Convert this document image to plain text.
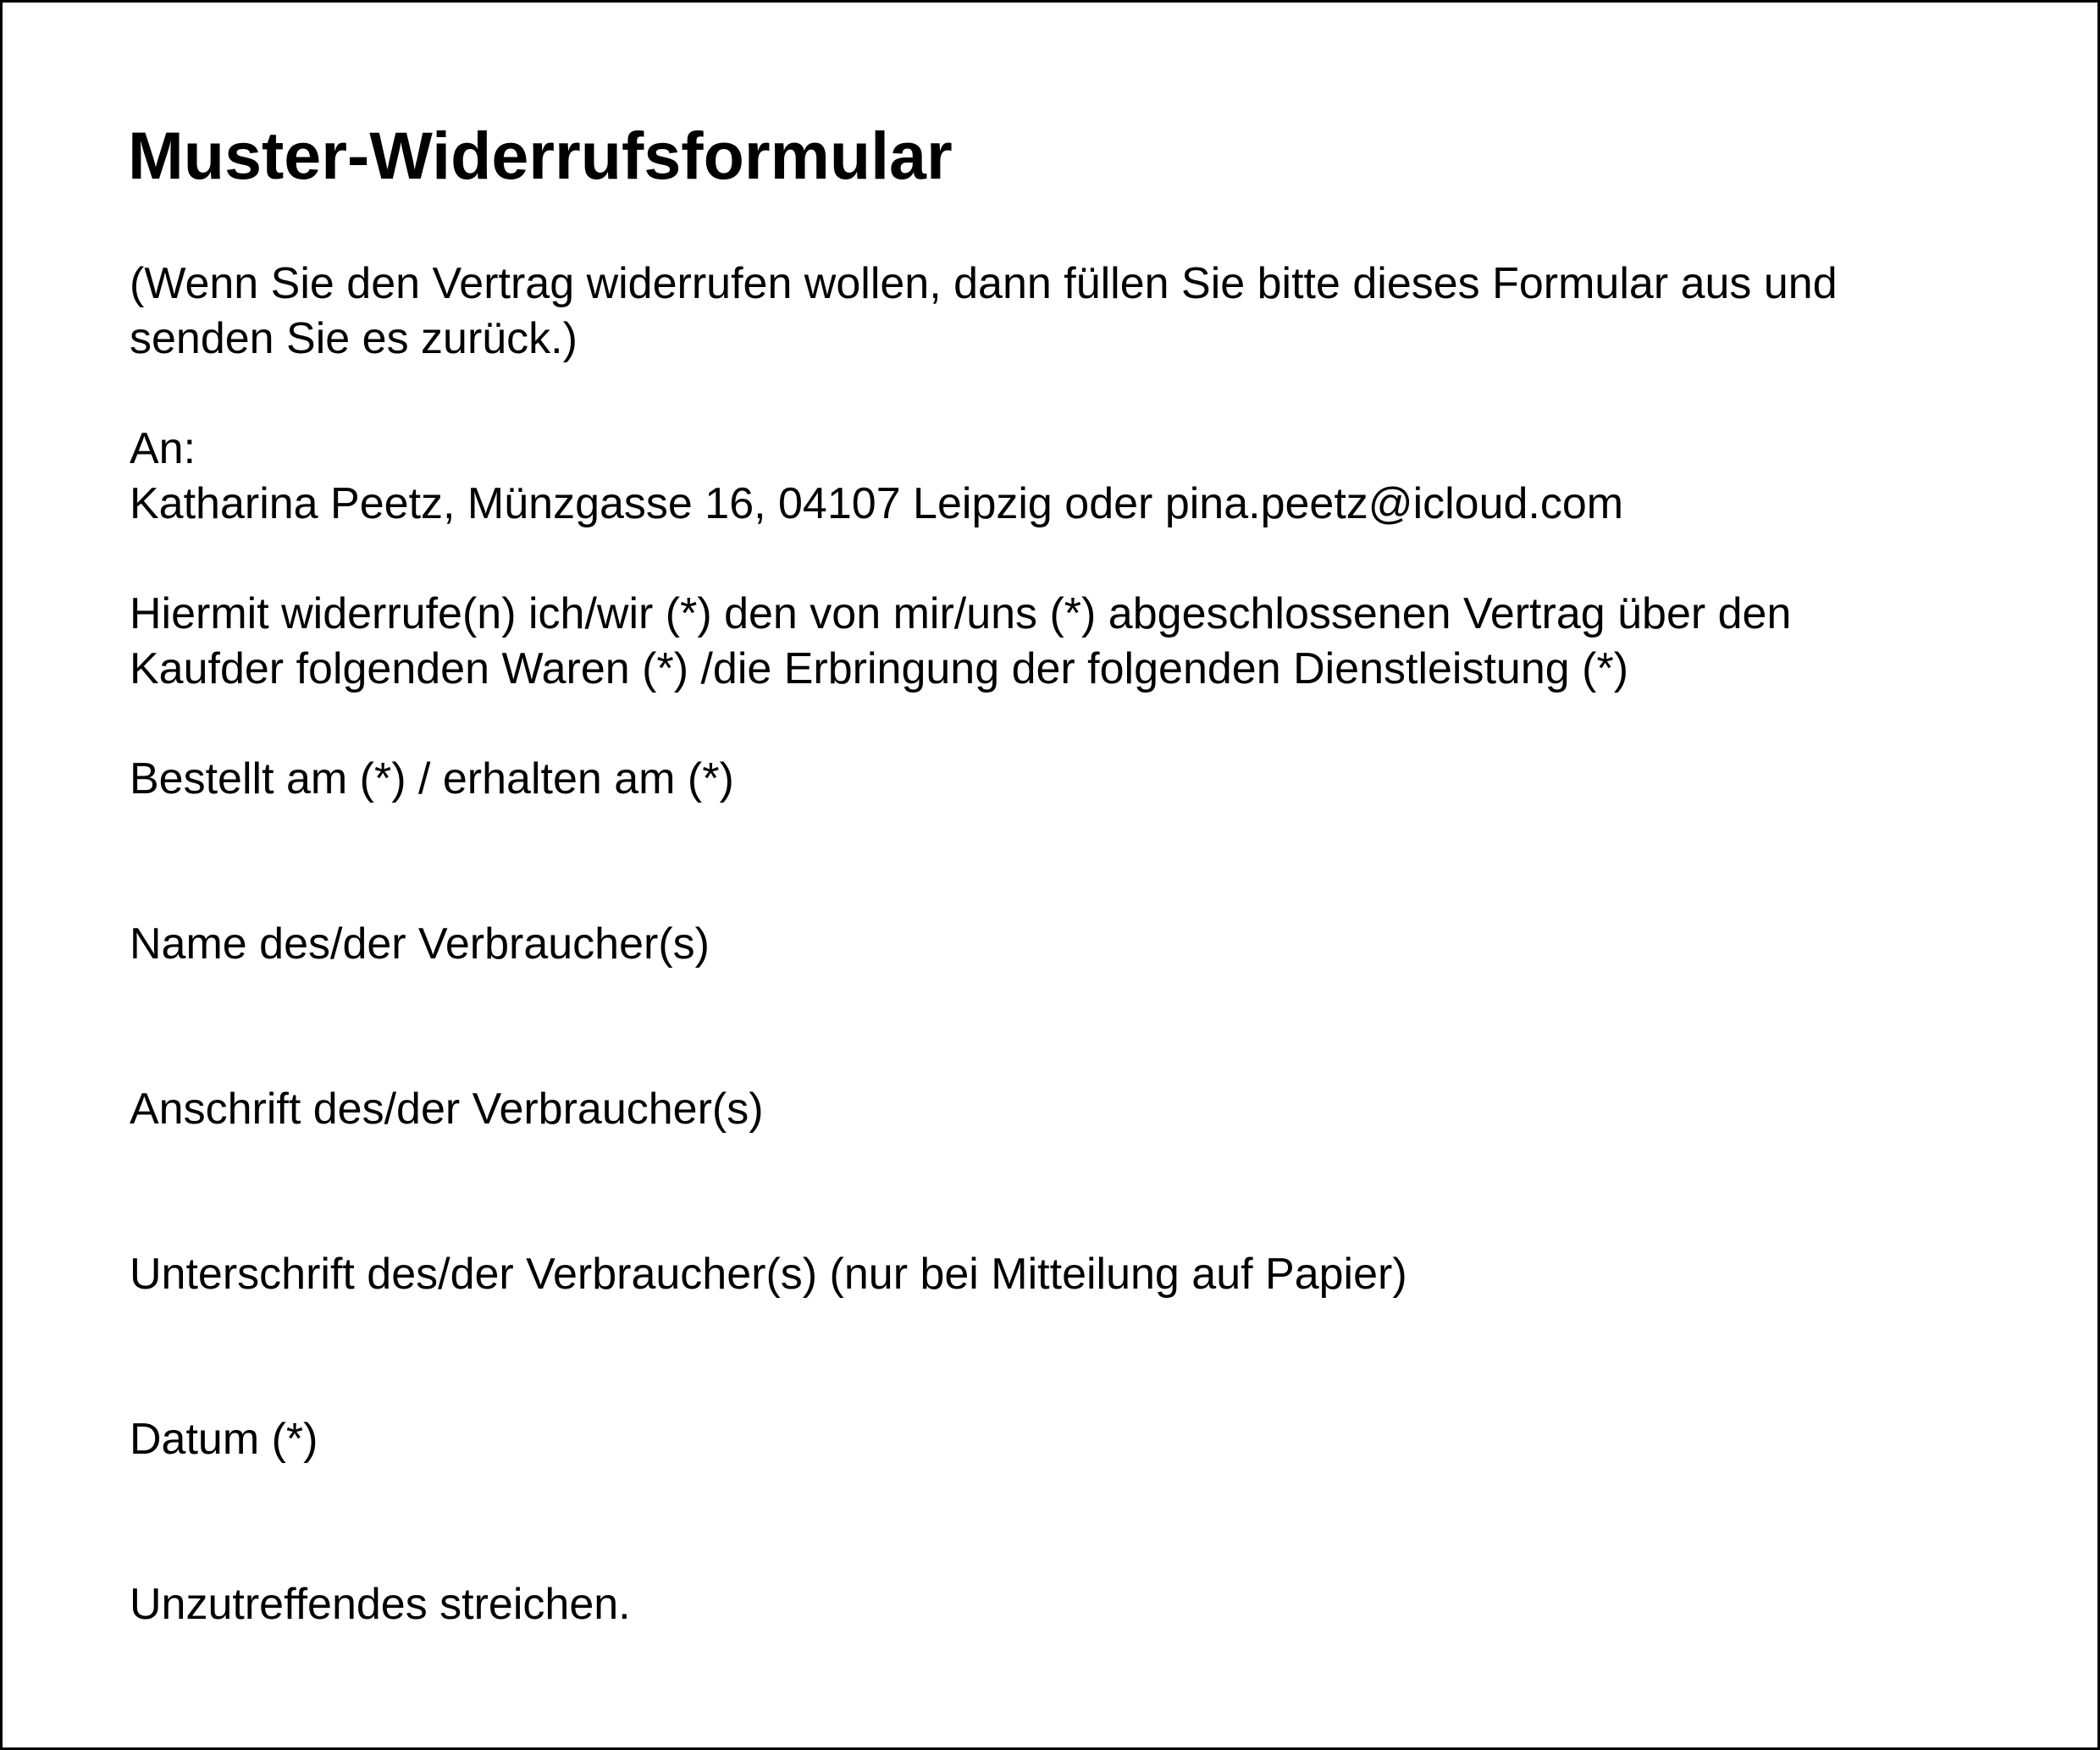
Muster-Widerrufsformular

(Wenn Sie den Vertrag widerrufen wollen, dann füllen Sie bitte dieses Formular aus und
senden Sie es zurück.)

An:
Katharina Peetz, Münzgasse 16, 04107 Leipzig oder pina.peetz@icloud.com

Hiermit widerrufe(n) ich/wir (*) den von mir/uns (*) abgeschlossenen Vertrag über den
Kaufder folgenden Waren (*) /die Erbringung der folgenden Dienstleistung (*)

Bestellt am (*) / erhalten am (*)

Name des/der Verbraucher(s)

Anschrift des/der Verbraucher(s)

Unterschrift des/der Verbraucher(s) (nur bei Mitteilung auf Papier)

Datum (*)

Unzutreffendes streichen.
